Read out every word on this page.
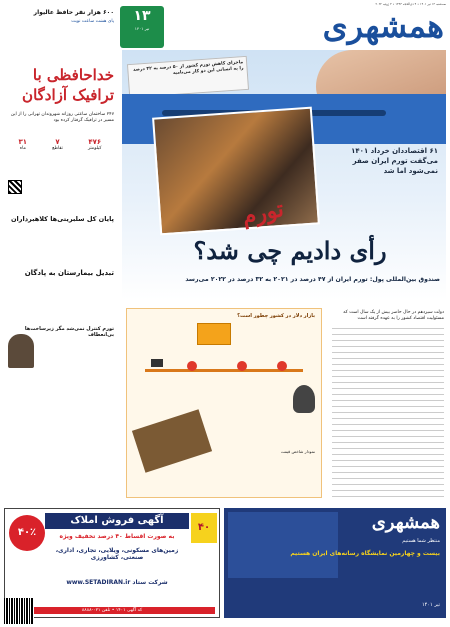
سه‌شنبه ۱۳ تیر ۱۴۰۱ • ۴ ذی‌الحجه ۱۴۴۳ • ۴ ژوئیه ۲۰۲۲
همشهری
۱۳
تیر ۱۴۰۱
۶۰۰ هزار نفر حافظ عالیوار
پای هشت ساعت نوبت
خداحافظی با
ترافیک آزادگان
۲۴۷ ساختمان ساعتی روزانه شهروندان تهرانی را از این مسیر در ترافیک گرفتار کرده بود
۴۷۶
کیلومتر
۷
تقاطع
۳۱
ماه
پایان کل سلبریتی‌ها کلاهبرداران
تبدیل بیمارستان به پادگان
تورم کنترل نمی‌شد مگر زیرساخت‌ها بی‌انعطاف
ماجرای کاهش تورم کشور از ۵۰ درصد به ۴۲ درصد را به انسانی این دو کار می‌نامید
۶۱ اقتصاددان خرداد ۱۴۰۱ می‌گفت تورم ایران صفر نمی‌شود اما شد
تورم
رأی دادیم چی شد؟
صندوق بین‌المللی پول: تورم ایران از ۴۷ درصد در ۲۰۲۱ به ۳۲ درصد در ۲۰۲۲ می‌رسد
بازار دلار در کشور چطور است؟
نمودار شاخص قیمت
دولت سیزدهم در حال حاضر بیش از یک سال است که مسئولیت اقتصاد کشور را به عهده گرفته است
۴۰٪
آگهی فروش املاک
۴۰
به صورت اقساط ۴۰ درصد تخفیف ویژه
زمین‌های مسکونی، ویلایی، تجاری، اداری، صنعتی، کشاورزی
شرکت ستاد www.SETADIRAN.ir
کد آگهی ۱۴۰۱ • تلفن ۰۲۱-۸۸۸۸
همشهری
منتظر شما هستیم
بیست و چهارمین نمایشگاه رسانه‌های ایران هستیم
تیر ۱۴۰۱
